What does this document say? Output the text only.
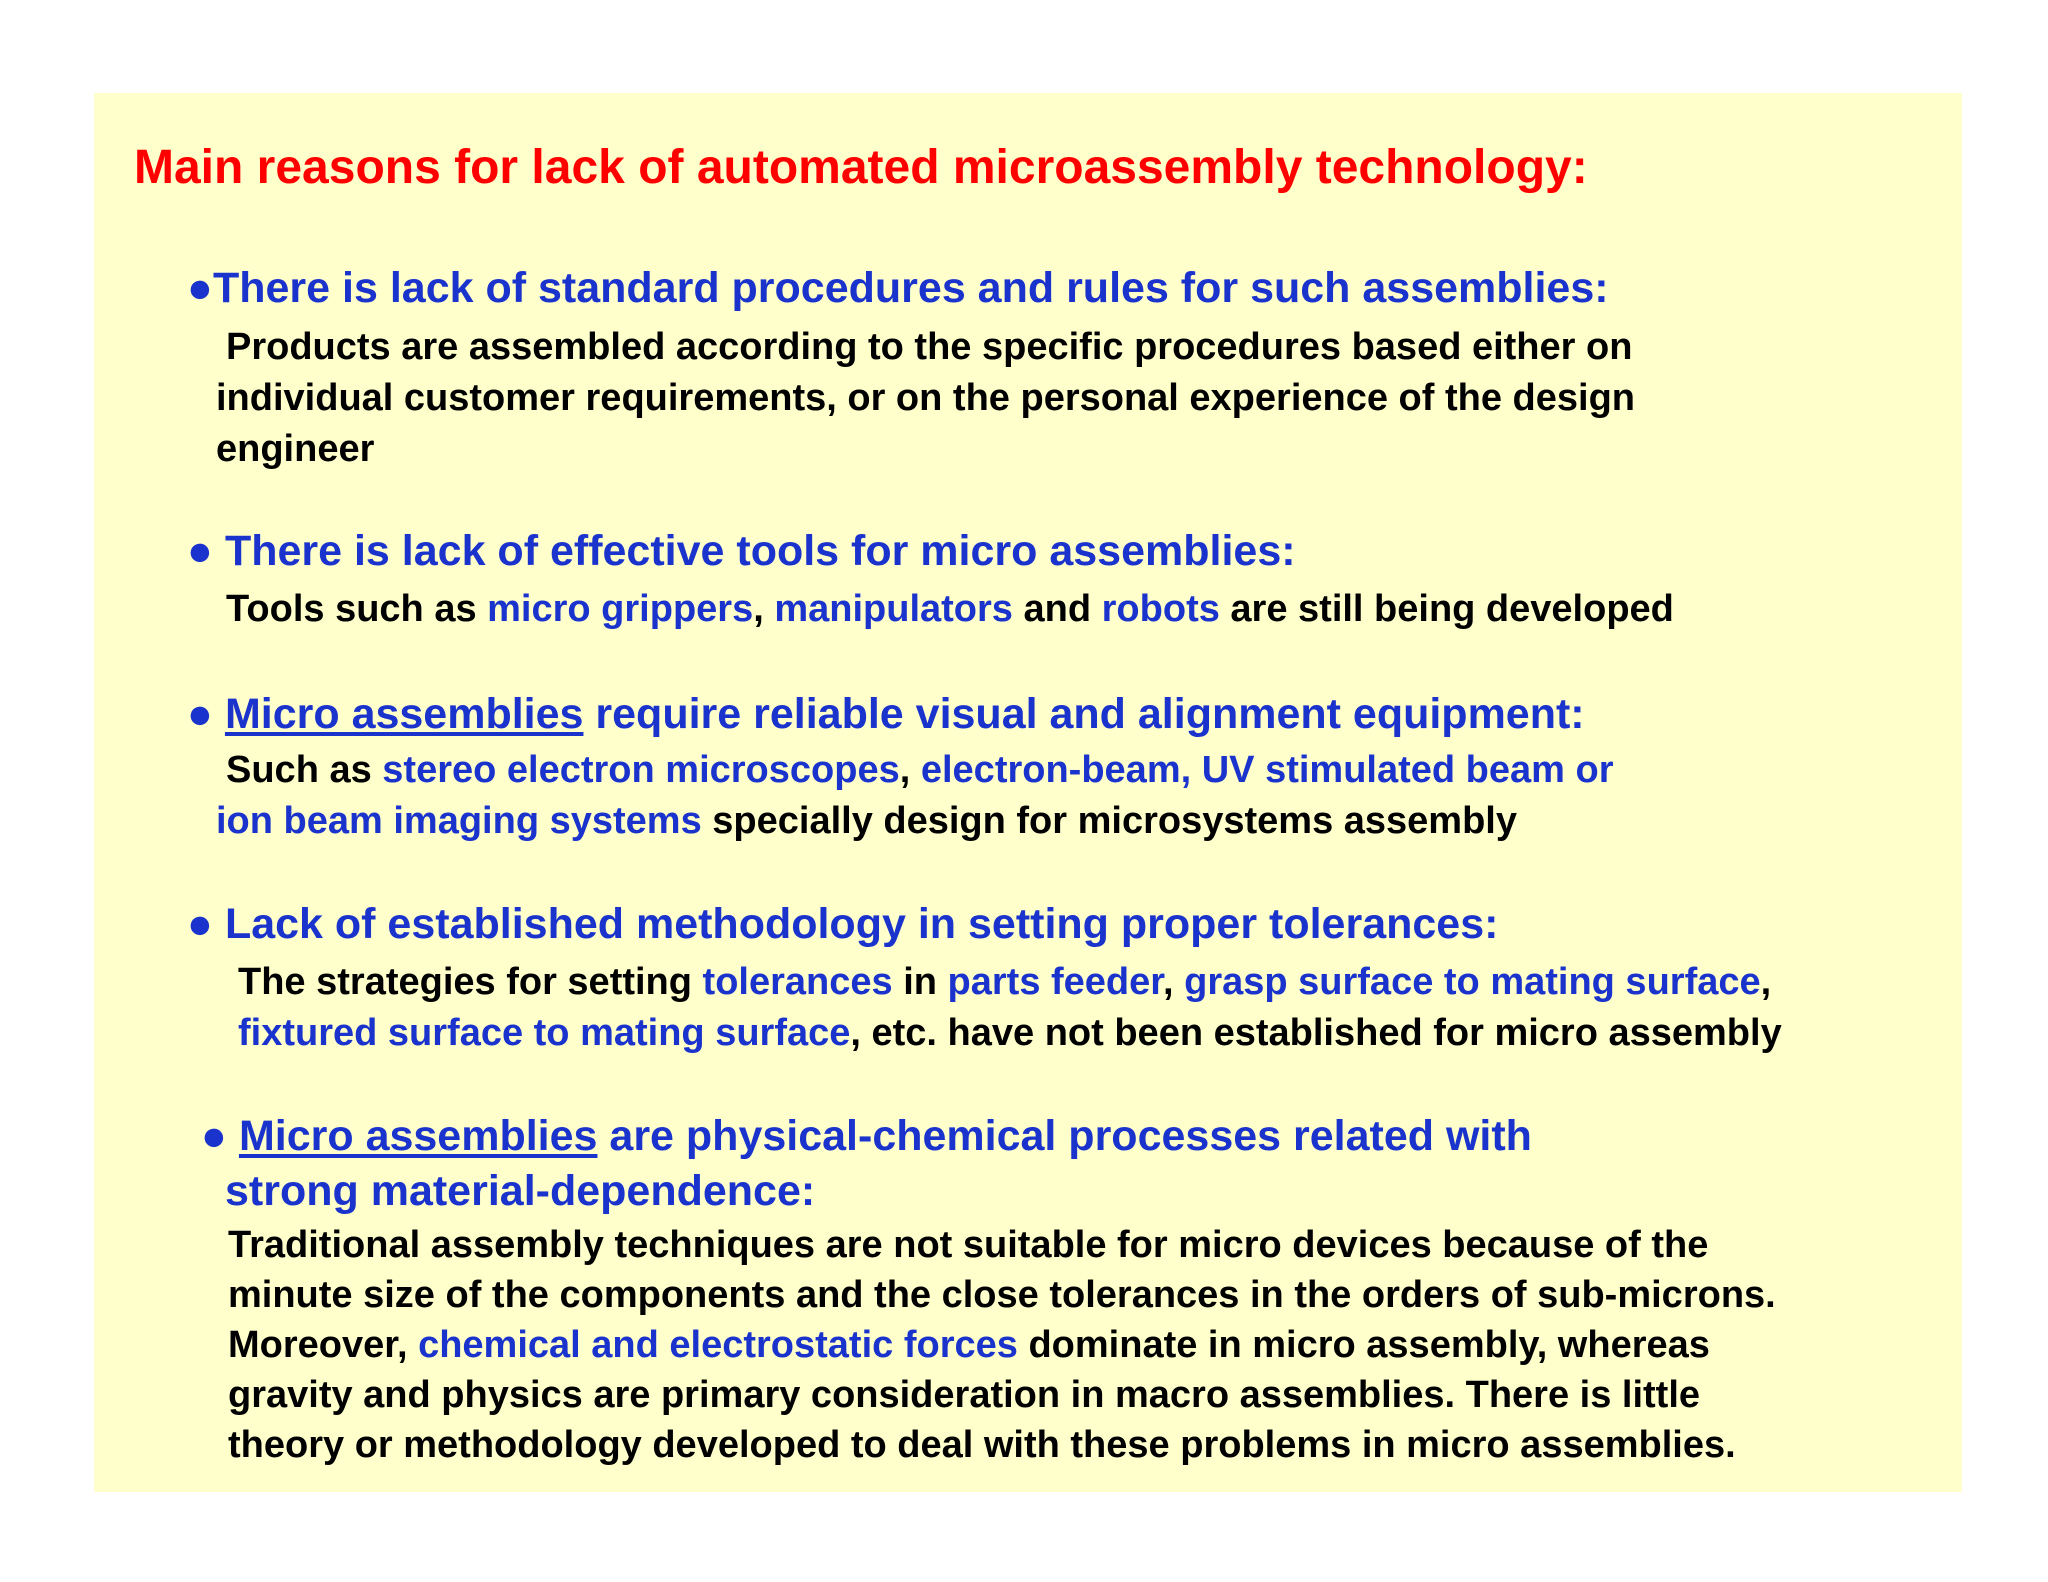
Main reasons for lack of automated microassembly technology:
●There is lack of standard procedures and rules for such assemblies:
Products are assembled according to the specific procedures based either on
individual customer requirements, or on the personal experience of the design
engineer
● There is lack of effective tools for micro assemblies:
Tools such as micro grippers, manipulators and robots are still being developed
● Micro assemblies require reliable visual and alignment equipment:
Such as stereo electron microscopes, electron-beam, UV stimulated beam or
ion beam imaging systems specially design for microsystems assembly
● Lack of established methodology in setting proper tolerances:
The strategies for setting tolerances in parts feeder, grasp surface to mating surface,
fixtured surface to mating surface, etc. have not been established for micro assembly
● Micro assemblies are physical-chemical processes related with
strong material-dependence:
Traditional assembly techniques are not suitable for micro devices because of the
minute size of the components and the close tolerances in the orders of sub-microns.
Moreover, chemical and electrostatic forces dominate in micro assembly, whereas
gravity and physics are primary consideration in macro assemblies. There is little
theory or methodology developed to deal with these problems in micro assemblies.
